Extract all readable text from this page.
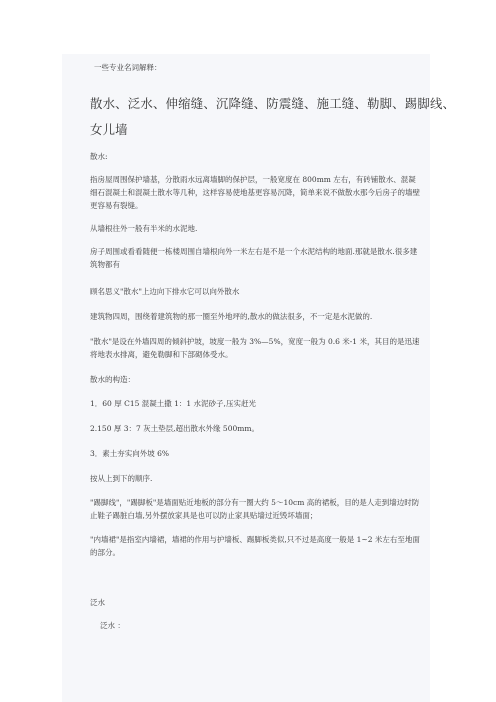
一些专业名词解释：

散水、泛水、伸缩缝、沉降缝、防震缝、施工缝、勒脚、踢脚线、

女儿墙

散水:

指房屋周围保护墙基，分散雨水远离墙脚的保护层，一般宽度在 800mm 左右，有砖铺散水、混凝细石混凝土和混凝土散水等几种，这样容易使地基更容易沉降，简单来说不做散水那今后房子的墙壁更容易有裂缝。

从墙根往外一般有半米的水泥地.

房子周围或看看随便一栋楼周围自墙根向外一米左右是不是一个水泥结构的地面.那就是散水.很多建筑物都有

顾名思义"散水"上边向下排水它可以向外散水

建筑物四周，围绕着建筑物的那一圈至外地坪的,散水的做法很多，不一定是水泥做的.

"散水"是设在外墙四周的倾斜护坡，坡度一般为 3%—5%，宽度一般为 0.6 米-1 米，其目的是迅速将地表水排离，避免勒脚和下部砌体受水。

散水的构造：

1．60 厚 C15 混凝土撒 1：1 水泥砂子,压实赶光

2.150 厚 3：7 灰土垫层,超出散水外缘 500mm。

3．素土夯实向外坡 6%

按从上到下的顺序.

"踢脚线"，"踢脚板"是墙面贴近地板的部分有一圈大约 5～10cm 高的裙板，目的是人走到墙边时防止鞋子踢脏白墙,另外摆放家具是也可以防止家具贴墙过近毁坏墙面；

"内墙裙"是指室内墙裙，墙裙的作用与护墙板、踢脚板类似,只不过是高度一般是 1~2 米左右至地面的部分。

泛水

泛水 ：
